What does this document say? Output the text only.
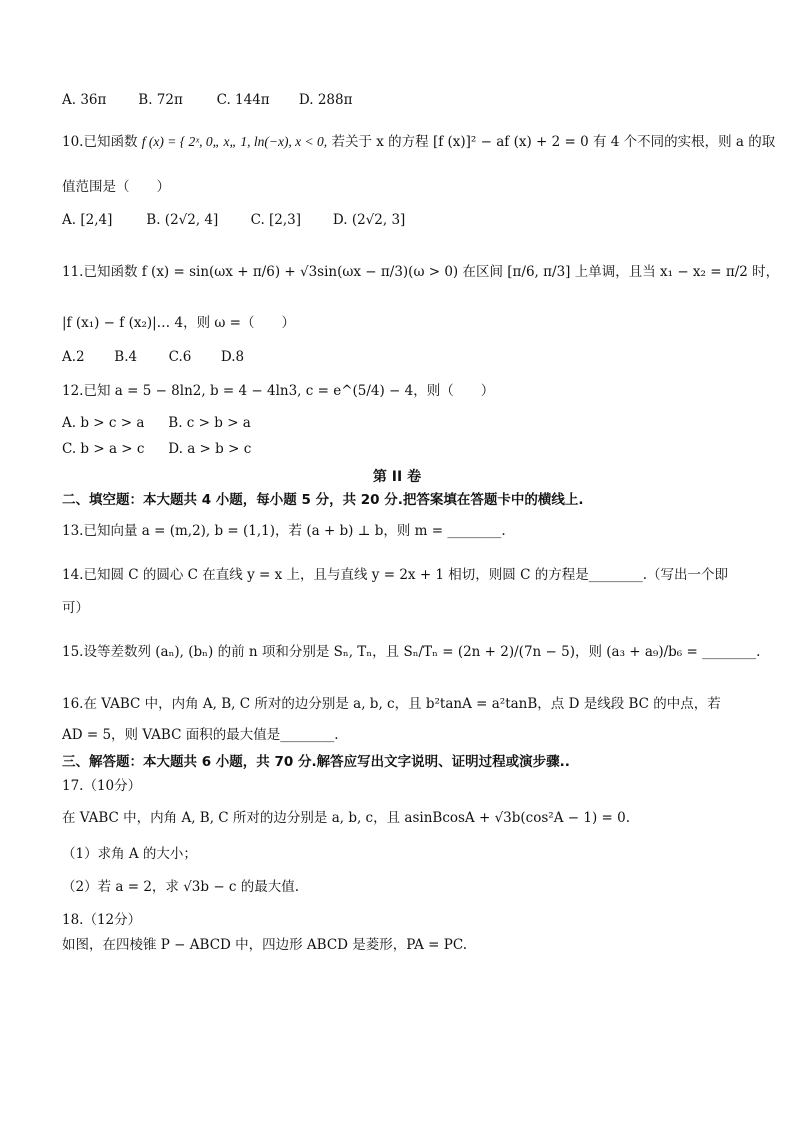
A. 36π B. 72π C. 144π D. 288π
10.已知函数 f (x) = { 2ˣ, 0„ x„ 1, ln(−x), x < 0, 若关于 x 的方程 [f (x)]² − af (x) + 2 = 0 有 4 个不同的实根，则 a 的取
值范围是（　　）
A. [2,4]	B. (2√2, 4] C. [2,3] D. (2√2, 3]
11.已知函数 f (x) = sin(ωx + π/6) + √3sin(ωx − π/3)(ω > 0) 在区间 [π/6, π/3] 上单调，且当 x₁ − x₂ = π/2 时，
|f (x₁) − f (x₂)|… 4，则 ω =（　　）
A.2 B.4 C.6 D.8
12.已知 a = 5 − 8ln2, b = 4 − 4ln3, c = e^(5/4) − 4，则（　　）
A. b > c > a B. c > b > a
C. b > a > c D. a > b > c
第 II 卷
二、填空题：本大题共 4 小题，每小题 5 分，共 20 分.把答案填在答题卡中的横线上.
13.已知向量 a = (m,2), b = (1,1)，若 (a + b) ⊥ b，则 m = ________.
14.已知圆 C 的圆心 C 在直线 y = x 上，且与直线 y = 2x + 1 相切，则圆 C 的方程是________.（写出一个即
可）
15.设等差数列 (aₙ), (bₙ) 的前 n 项和分别是 Sₙ, Tₙ，且 Sₙ/Tₙ = (2n + 2)/(7n − 5)，则 (a₃ + a₉)/b₆ = ________.
16.在 VABC 中，内角 A, B, C 所对的边分别是 a, b, c，且 b²tanA = a²tanB，点 D 是线段 BC 的中点，若
AD = 5，则 VABC 面积的最大值是________.
三、解答题：本大题共 6 小题，共 70 分.解答应写出文字说明、证明过程或演步骤..
17.（10分）
在 VABC 中，内角 A, B, C 所对的边分别是 a, b, c，且 asinBcosA + √3b(cos²A − 1) = 0.
（1）求角 A 的大小；
（2）若 a = 2，求 √3b − c 的最大值.
18.（12分）
如图，在四棱锥 P − ABCD 中，四边形 ABCD 是菱形，PA = PC.
